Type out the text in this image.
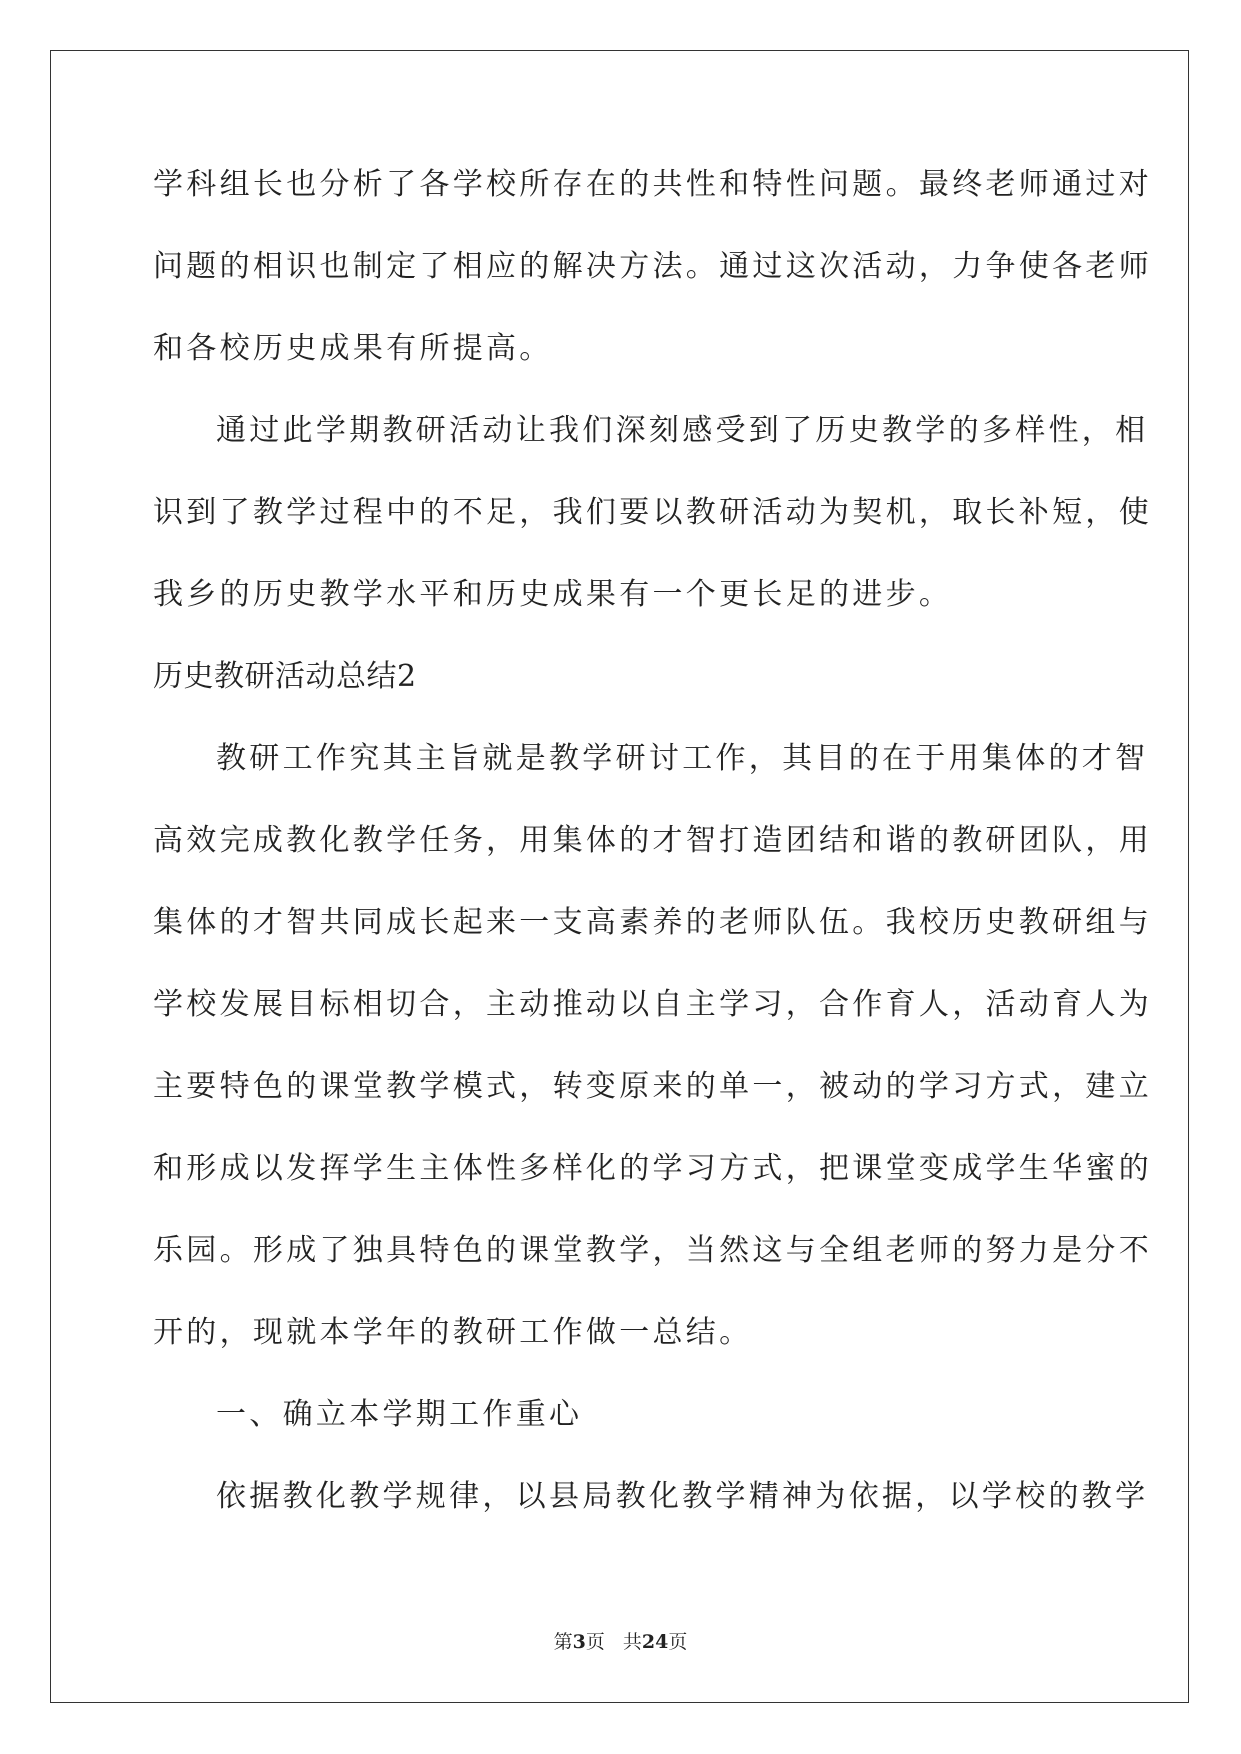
学科组长也分析了各学校所存在的共性和特性问题。最终老师通过对
问题的相识也制定了相应的解决方法。通过这次活动，力争使各老师
和各校历史成果有所提高。
通过此学期教研活动让我们深刻感受到了历史教学的多样性，相
识到了教学过程中的不足，我们要以教研活动为契机，取长补短，使
我乡的历史教学水平和历史成果有一个更长足的进步。
历史教研活动总结2
教研工作究其主旨就是教学研讨工作，其目的在于用集体的才智
高效完成教化教学任务，用集体的才智打造团结和谐的教研团队，用
集体的才智共同成长起来一支高素养的老师队伍。我校历史教研组与
学校发展目标相切合，主动推动以自主学习，合作育人，活动育人为
主要特色的课堂教学模式，转变原来的单一，被动的学习方式，建立
和形成以发挥学生主体性多样化的学习方式，把课堂变成学生华蜜的
乐园。形成了独具特色的课堂教学，当然这与全组老师的努力是分不
开的，现就本学年的教研工作做一总结。
一、确立本学期工作重心
依据教化教学规律，以县局教化教学精神为依据，以学校的教学
第3页 共24页
